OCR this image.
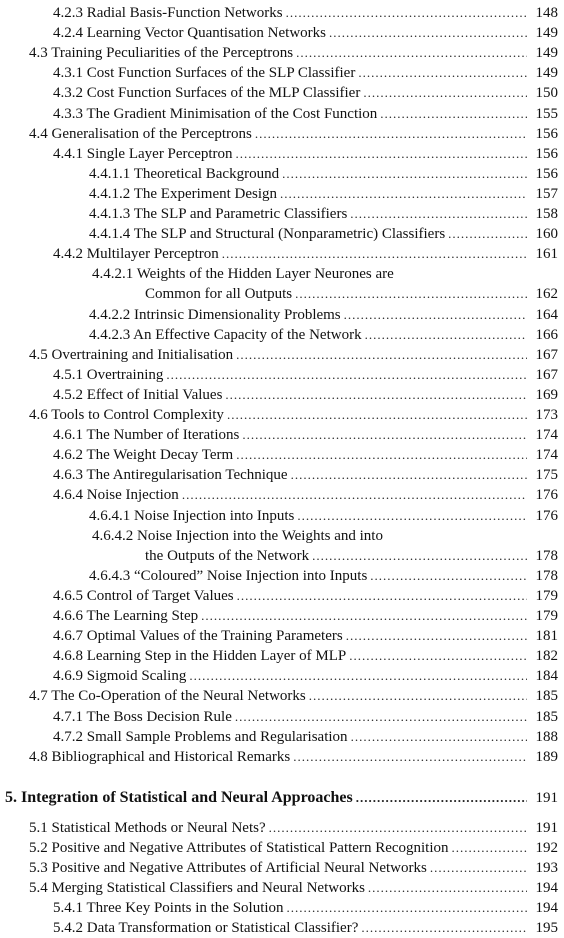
4.2.3 Radial Basis-Function Networks .....	148
4.2.4 Learning Vector Quantisation Networks .....	149
4.3 Training Peculiarities of the Perceptrons .....	149
4.3.1 Cost Function Surfaces of the SLP Classifier .....	149
4.3.2 Cost Function Surfaces of the MLP Classifier .....	150
4.3.3 The Gradient Minimisation of the Cost Function .....	155
4.4 Generalisation of the Perceptrons .....	156
4.4.1 Single Layer Perceptron .....	156
4.4.1.1 Theoretical Background .....	156
4.4.1.2 The Experiment Design .....	157
4.4.1.3 The SLP and Parametric Classifiers .....	158
4.4.1.4 The SLP and Structural (Nonparametric) Classifiers .....	160
4.4.2 Multilayer Perceptron .....	161
4.4.2.1 Weights of the Hidden Layer Neurones are
Common for all Outputs .....	162
4.4.2.2 Intrinsic Dimensionality Problems .....	164
4.4.2.3 An Effective Capacity of the Network .....	166
4.5 Overtraining and Initialisation .....	167
4.5.1 Overtraining .....	167
4.5.2 Effect of Initial Values .....	169
4.6 Tools to Control Complexity .....	173
4.6.1 The Number of Iterations .....	174
4.6.2 The Weight Decay Term .....	174
4.6.3 The Antiregularisation Technique .....	175
4.6.4 Noise Injection .....	176
4.6.4.1 Noise Injection into Inputs .....	176
4.6.4.2 Noise Injection into the Weights and into
the Outputs of the Network .....	178
4.6.4.3 “Coloured” Noise Injection into Inputs .....	178
4.6.5 Control of Target Values .....	179
4.6.6 The Learning Step .....	179
4.6.7 Optimal Values of the Training Parameters .....	181
4.6.8 Learning Step in the Hidden Layer of MLP .....	182
4.6.9 Sigmoid Scaling .....	184
4.7 The Co-Operation of the Neural Networks .....	185
4.7.1 The Boss Decision Rule .....	185
4.7.2 Small Sample Problems and Regularisation .....	188
4.8 Bibliographical and Historical Remarks .....	189
5. Integration of Statistical and Neural Approaches .....	191
5.1 Statistical Methods or Neural Nets? .....	191
5.2 Positive and Negative Attributes of Statistical Pattern Recognition .....	192
5.3 Positive and Negative Attributes of Artificial Neural Networks .....	193
5.4 Merging Statistical Classifiers and Neural Networks .....	194
5.4.1 Three Key Points in the Solution .....	194
5.4.2 Data Transformation or Statistical Classifier? .....	195
